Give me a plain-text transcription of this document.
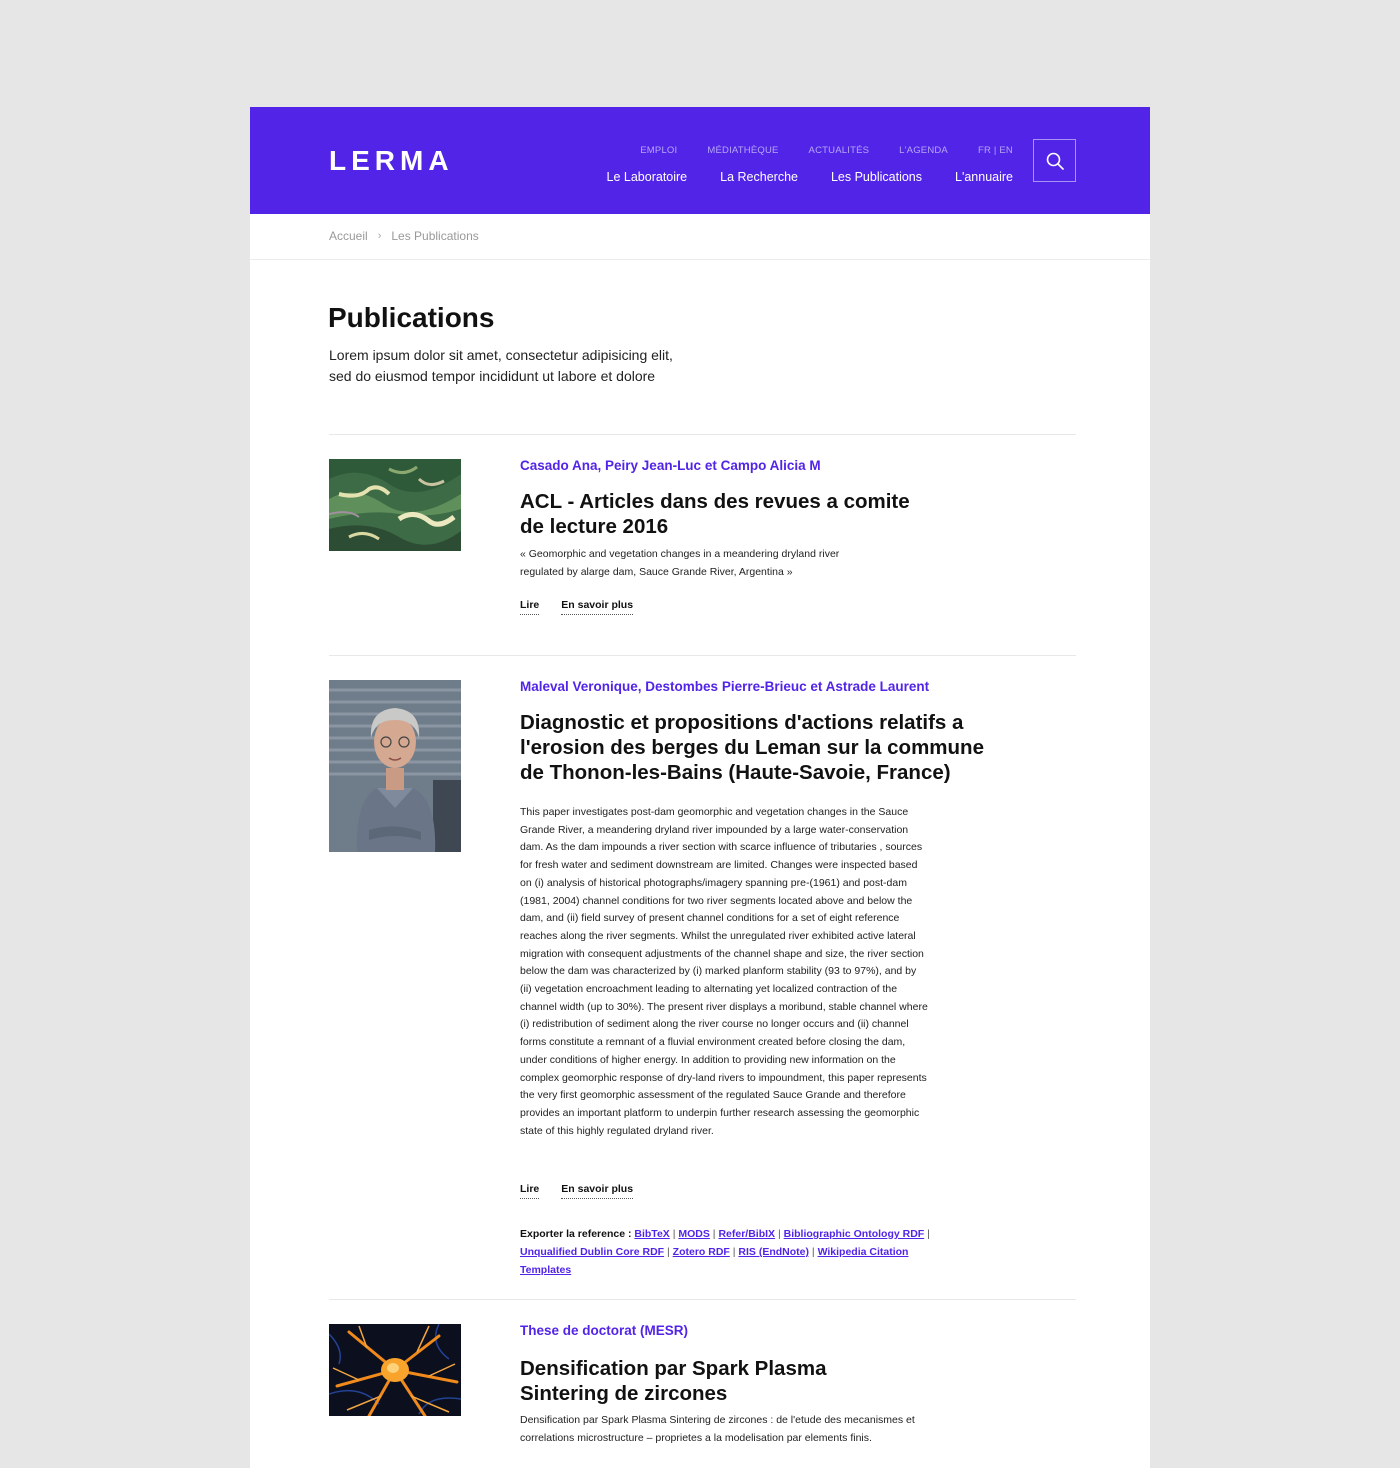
LERMA	EMPLOI	MÉDIATHÈQUE	ACTUALITÉS	L'AGENDA	FR | EN
Le Laboratoire	La Recherche	Les Publications	L'annuaire
Accueil › Les Publications
Publications
Lorem ipsum dolor sit amet, consectetur adipisicing elit,
sed do eiusmod tempor incididunt ut labore et dolore
Casado Ana, Peiry Jean-Luc et Campo Alicia M
ACL - Articles dans des revues a comite de lecture 2016
« Geomorphic and vegetation changes in a meandering dryland river regulated by alarge dam, Sauce Grande River, Argentina »
Lire En savoir plus
Maleval Veronique, Destombes Pierre-Brieuc et Astrade Laurent
Diagnostic et propositions d'actions relatifs a l'erosion des berges du Leman sur la commune de Thonon-les-Bains (Haute-Savoie, France)
This paper investigates post-dam geomorphic and vegetation changes in the Sauce Grande River, a meandering dryland river impounded by a large water-conservation dam. As the dam impounds a river section with scarce influence of tributaries , sources for fresh water and sediment downstream are limited. Changes were inspected based on (i) analysis of historical photographs/imagery spanning pre-(1961) and post-dam (1981, 2004) channel conditions for two river segments located above and below the dam, and (ii) field survey of present channel conditions for a set of eight reference reaches along the river segments. Whilst the unregulated river exhibited active lateral migration with consequent adjustments of the channel shape and size, the river section below the dam was characterized by (i) marked planform stability (93 to 97%), and by (ii) vegetation encroachment leading to alternating yet localized contraction of the channel width (up to 30%). The present river displays a moribund, stable channel where (i) redistribution of sediment along the river course no longer occurs and (ii) channel forms constitute a remnant of a fluvial environment created before closing the dam, under conditions of higher energy. In addition to providing new information on the complex geomorphic response of dry-land rivers to impoundment, this paper represents the very first geomorphic assessment of the regulated Sauce Grande and therefore provides an important platform to underpin further research assessing the geomorphic state of this highly regulated dryland river.
Lire En savoir plus
Exporter la reference : BibTeX | MODS | Refer/BibIX | Bibliographic Ontology RDF | Unqualified Dublin Core RDF | Zotero RDF | RIS (EndNote) | Wikipedia Citation Templates
These de doctorat (MESR)
Densification par Spark Plasma Sintering de zircones
Densification par Spark Plasma Sintering de zircones : de l'etude des mecanismes et correlations microstructure – proprietes a la modelisation par elements finis.
